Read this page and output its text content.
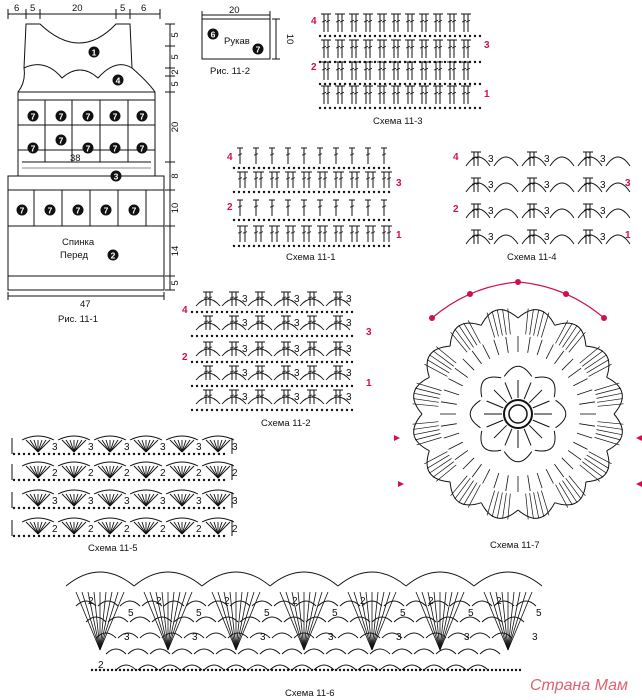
6 5	20	5 6
5
5
2
5
20
8
10
14
5
38
47
Спинка
Перед
Рис. 11-1
1
4
7	7	7	7	7
7
7
7	7	7
7	7	7	7	7
3
2
20
10
Рукав
Рис. 11-2
6
7
4
3
2
1
4
3
2
1
3	3	3
3	3	3
3	3	3
3	3	3
4
3
2
1
3	3	3
3	3	3
3	3	3
3	3	3
3	3	3
4
3
2
1
3	3	3	3	3	3
2	2	2	2	2	2
3	3	3	3	3	3
2	2	2	2	2	2
2
5
3
2
5
3
2
5
3
2
5
3
2
5
3
2
5
3
2
5
3
2
Схема 11-3
Схема 11-1	Схема 11-4
Схема 11-2
Схема 11-5	Схема 11-7
Схема 11-6	Страна Мам
